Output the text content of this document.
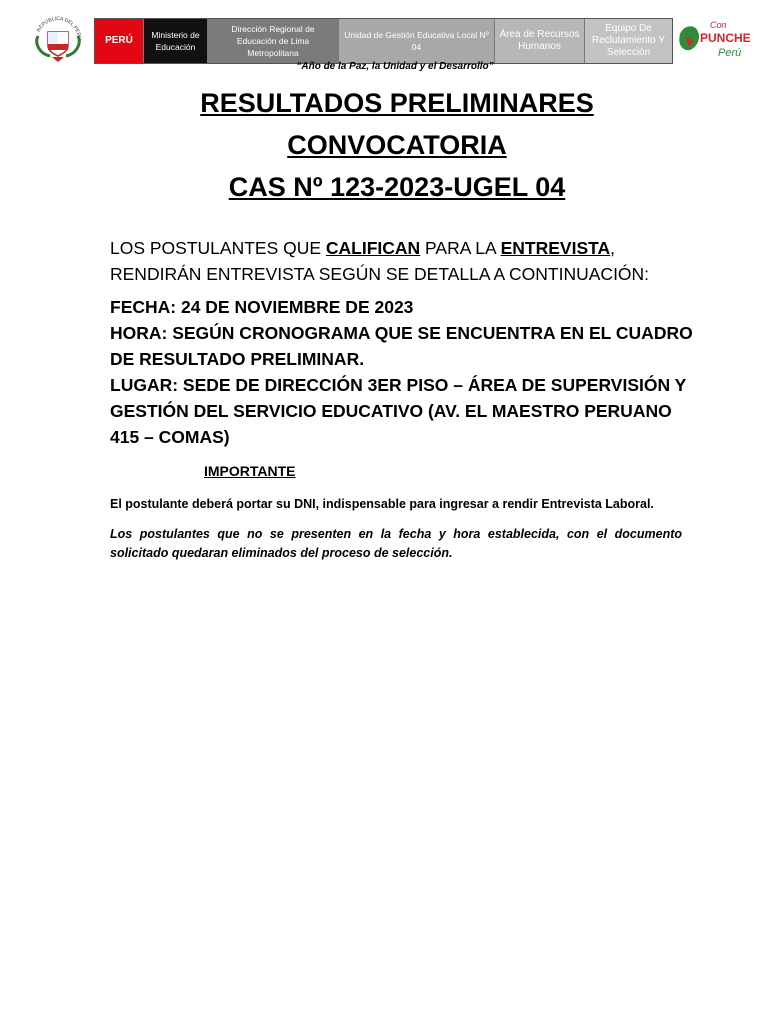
REPÚBLICA DEL PERÚ	PERÚ	Ministerio de Educación
Dirección Regional de Educación de Lima Metropolitana
Unidad de Gestión Educativa Local Nº 04
Área de Recursos Humanos
Equipo De Reclutamiento Y Selección
Con
PUNCHE
Perú
“Año de la Paz, la Unidad y el Desarrollo”
RESULTADOS PRELIMINARES
CONVOCATORIA
CAS Nº 123-2023-UGEL 04
LOS POSTULANTES QUE CALIFICAN PARA LA ENTREVISTA, RENDIRÁN ENTREVISTA SEGÚN SE DETALLA A CONTINUACIÓN:

FECHA: 24 DE NOVIEMBRE DE 2023

HORA: SEGÚN CRONOGRAMA QUE SE ENCUENTRA EN EL CUADRO DE RESULTADO PRELIMINAR.

LUGAR: SEDE DE DIRECCIÓN 3ER PISO – ÁREA DE SUPERVISIÓN Y GESTIÓN DEL SERVICIO EDUCATIVO (AV. EL MAESTRO PERUANO 415 – COMAS)

IMPORTANTE
El postulante deberá portar su DNI, indispensable para ingresar a rendir Entrevista Laboral.
Los postulantes que no se presenten en la fecha y hora establecida, con el documento solicitado quedaran eliminados del proceso de selección.
